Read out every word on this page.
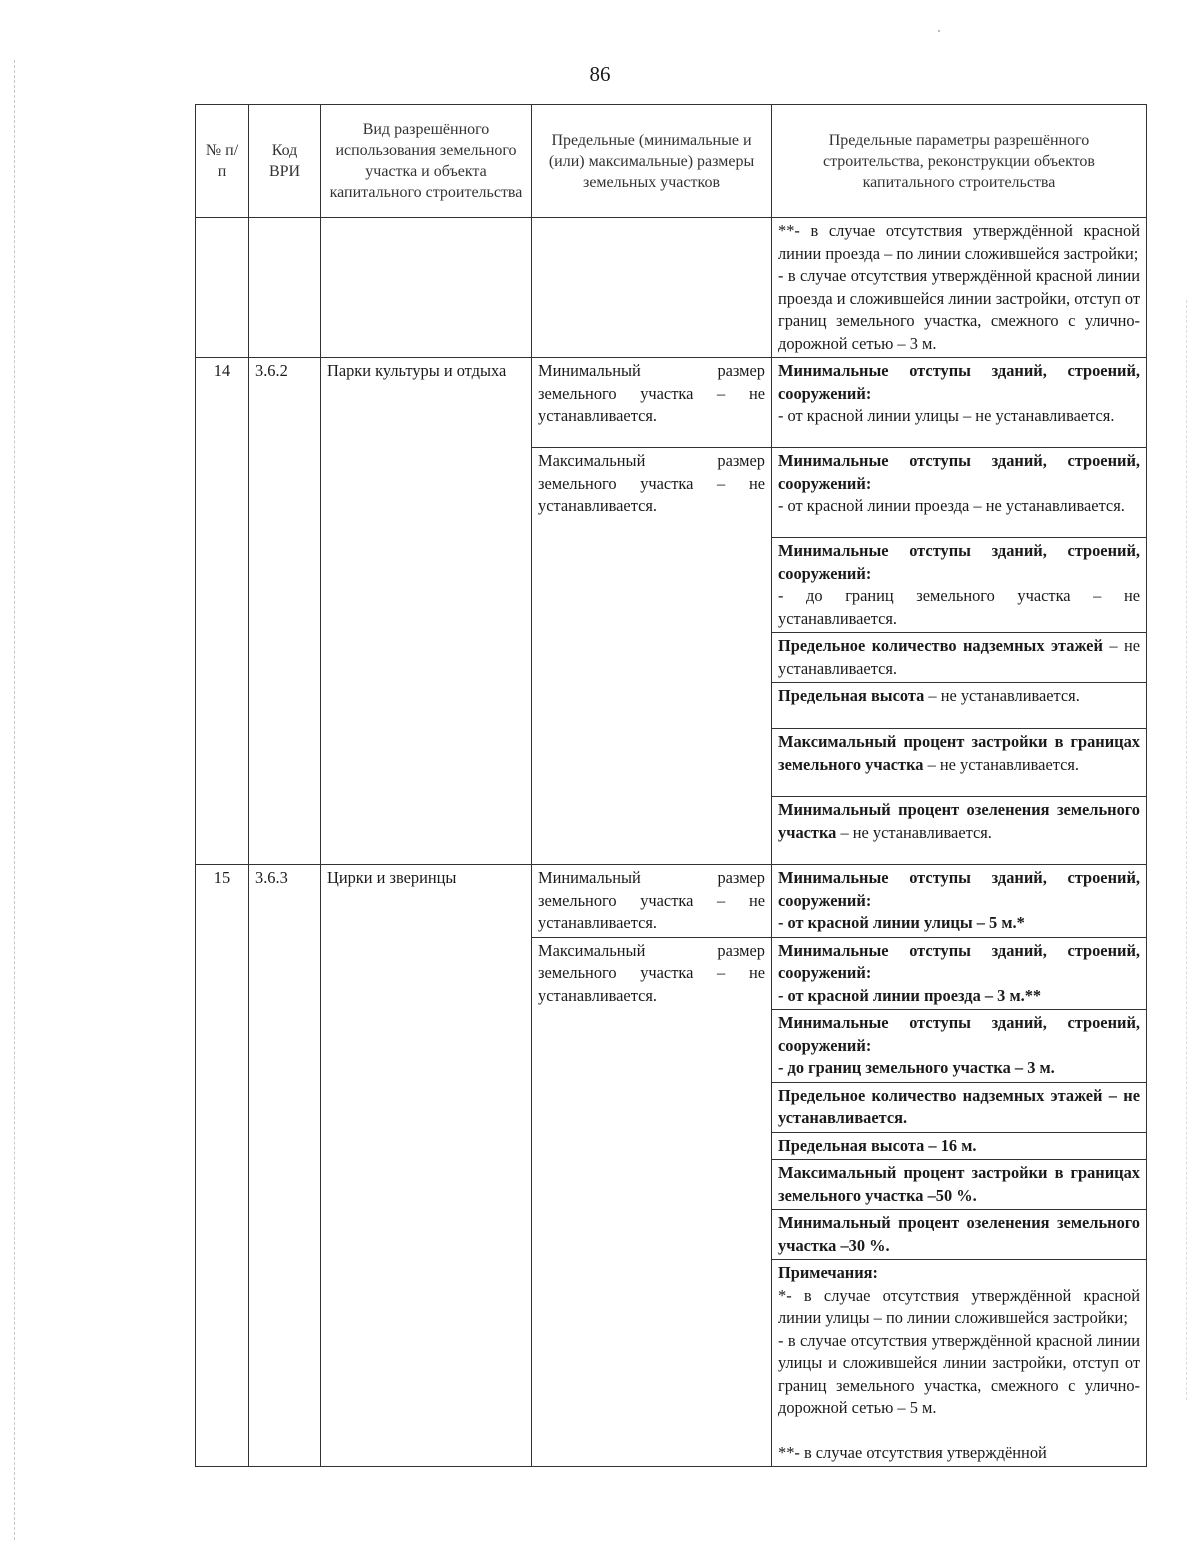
86
№ п/п	Код ВРИ	Вид разрешённого использования земельного участка и объекта капитального строительства	Предельные (минимальные и (или) максимальные) размеры земельных участков	Предельные параметры разрешённого строительства, реконструкции объектов капитального строительства

				**- в случае отсутствия утверждённой красной линии проезда – по линии сложившейся застройки;
- в случае отсутствия утверждённой красной линии проезда и сложившейся линии застройки, отступ от границ земельного участка, смежного с улично-дорожной сетью – 3 м.

14	3.6.2	Парки культуры и отдыха	Минимальный размер земельного участка – не устанавливается.	Минимальные отступы зданий, строений, сооружений:
- от красной линии улицы – не устанавливается.
			Максимальный размер земельного участка – не устанавливается.	Минимальные отступы зданий, строений, сооружений:
- от красной линии проезда – не устанавливается.
				Минимальные отступы зданий, строений, сооружений:
- до границ земельного участка – не устанавливается.
				Предельное количество надземных этажей – не устанавливается.
				Предельная высота – не устанавливается.
				Максимальный процент застройки в границах земельного участка – не устанавливается.
				Минимальный процент озеленения земельного участка – не устанавливается.
15	3.6.3	Цирки и зверинцы	Минимальный размер земельного участка – не устанавливается.	Минимальные отступы зданий, строений, сооружений:
- от красной линии улицы – 5 м.*
			Максимальный размер земельного участка – не устанавливается.	Минимальные отступы зданий, строений, сооружений:
- от красной линии проезда – 3 м.**
				Минимальные отступы зданий, строений, сооружений:
- до границ земельного участка – 3 м.
				Предельное количество надземных этажей – не устанавливается.
				Предельная высота – 16 м.
				Максимальный процент застройки в границах земельного участка –50 %.
				Минимальный процент озеленения земельного участка –30 %.
				Примечания:
*- в случае отсутствия утверждённой красной линии улицы – по линии сложившейся застройки;
- в случае отсутствия утверждённой красной линии улицы и сложившейся линии застройки, отступ от границ земельного участка, смежного с улично-дорожной сетью – 5 м.
**- в случае отсутствия утверждённой
